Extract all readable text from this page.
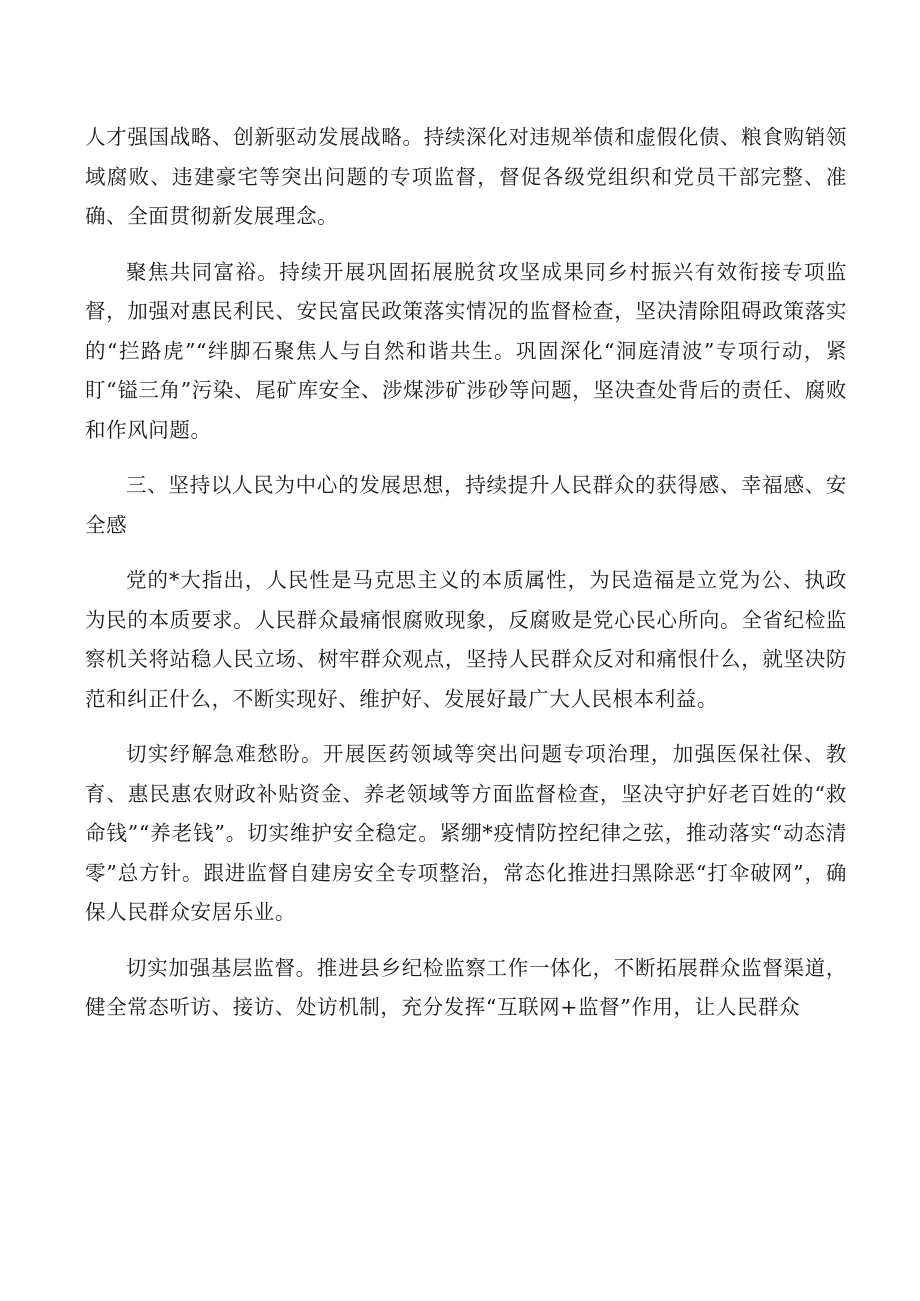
人才强国战略、创新驱动发展战略。持续深化对违规举债和虚假化债、粮食购销领域腐败、违建豪宅等突出问题的专项监督，督促各级党组织和党员干部完整、准确、全面贯彻新发展理念。

聚焦共同富裕。持续开展巩固拓展脱贫攻坚成果同乡村振兴有效衔接专项监督，加强对惠民利民、安民富民政策落实情况的监督检查，坚决清除阻碍政策落实的“拦路虎”“绊脚石聚焦人与自然和谐共生。巩固深化“洞庭清波”专项行动，紧盯“镒三角”污染、尾矿库安全、涉煤涉矿涉砂等问题，坚决查处背后的责任、腐败和作风问题。

三、坚持以人民为中心的发展思想，持续提升人民群众的获得感、幸福感、安全感

党的*大指出，人民性是马克思主义的本质属性，为民造福是立党为公、执政为民的本质要求。人民群众最痛恨腐败现象，反腐败是党心民心所向。全省纪检监察机关将站稳人民立场、树牢群众观点，坚持人民群众反对和痛恨什么，就坚决防范和纠正什么，不断实现好、维护好、发展好最广大人民根本利益。

切实纾解急难愁盼。开展医药领域等突出问题专项治理，加强医保社保、教育、惠民惠农财政补贴资金、养老领域等方面监督检查，坚决守护好老百姓的“救命钱”“养老钱”。切实维护安全稳定。紧绷*疫情防控纪律之弦，推动落实“动态清零”总方针。跟进监督自建房安全专项整治，常态化推进扫黑除恶“打伞破网”，确保人民群众安居乐业。

切实加强基层监督。推进县乡纪检监察工作一体化，不断拓展群众监督渠道，健全常态听访、接访、处访机制，充分发挥“互联网+监督”作用，让人民群众
